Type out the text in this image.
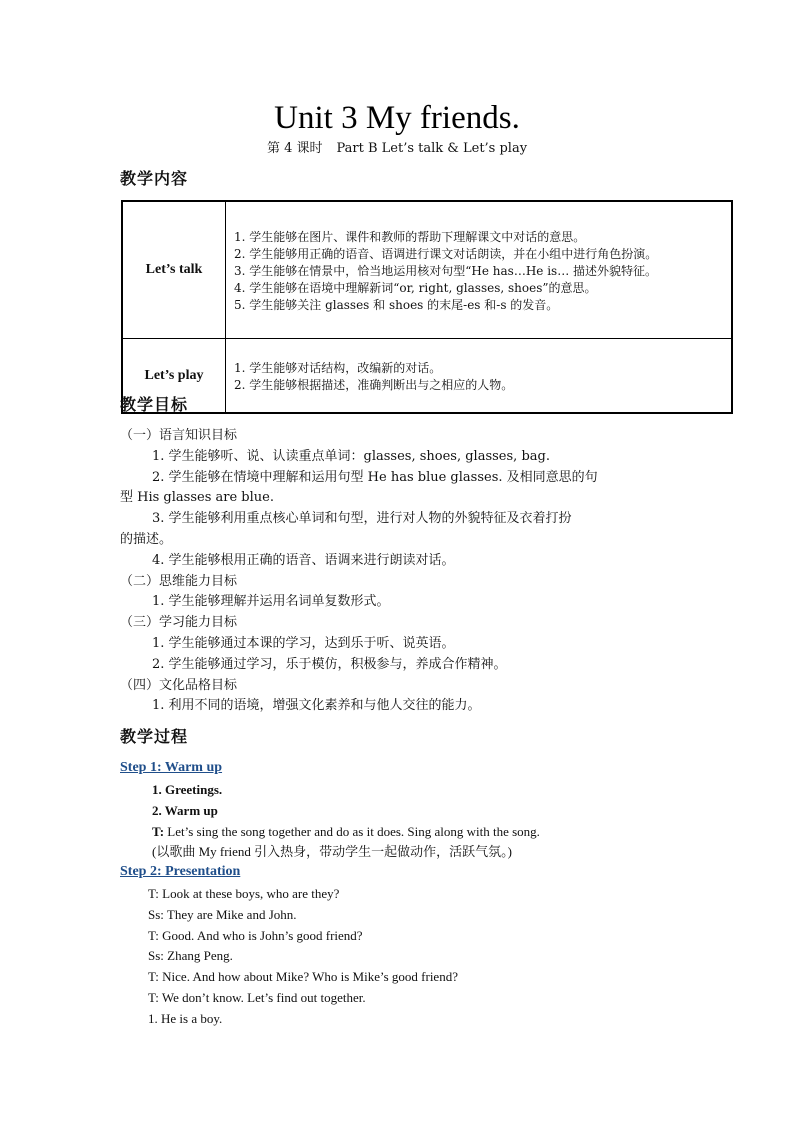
Unit 3 My friends.
第 4 课时 Part B Let’s talk & Let’s play
教学内容
Let’s talk	1. 学生能够在图片、课件和教师的帮助下理解课文中对话的意思。
2. 学生能够用正确的语音、语调进行课文对话朗读，并在小组中进行角色扮演。
3. 学生能够在情景中，恰当地运用核对句型“He has…He is… 描述外貌特征。
4. 学生能够在语境中理解新词“or, right, glasses, shoes”的意思。
5. 学生能够关注 glasses 和 shoes 的末尾-es 和-s 的发音。

Let’s play	1. 学生能够对话结构，改编新的对话。
2. 学生能够根据描述，准确判断出与之相应的人物。
教学目标
（一）语言知识目标
1. 学生能够听、说、认读重点单词：glasses, shoes, glasses, bag.
2. 学生能够在情境中理解和运用句型 He has blue glasses. 及相同意思的句
型 His glasses are blue.
3. 学生能够利用重点核心单词和句型，进行对人物的外貌特征及衣着打扮
的描述。
4. 学生能够根用正确的语音、语调来进行朗读对话。
（二）思维能力目标
1. 学生能够理解并运用名词单复数形式。
（三）学习能力目标
1. 学生能够通过本课的学习，达到乐于听、说英语。
2. 学生能够通过学习，乐于模仿，积极参与，养成合作精神。
（四）文化品格目标
1. 利用不同的语境，增强文化素养和与他人交往的能力。
教学过程
Step 1: Warm up
1. Greetings.
2. Warm up
T: Let’s sing the song together and do as it does. Sing along with the song.
(以歌曲 My friend 引入热身，带动学生一起做动作，活跃气氛。)
Step 2: Presentation
T: Look at these boys, who are they?
Ss: They are Mike and John.
T: Good. And who is John’s good friend?
Ss: Zhang Peng.
T: Nice. And how about Mike? Who is Mike’s good friend?
T: We don’t know. Let’s find out together.
1. He is a boy.
